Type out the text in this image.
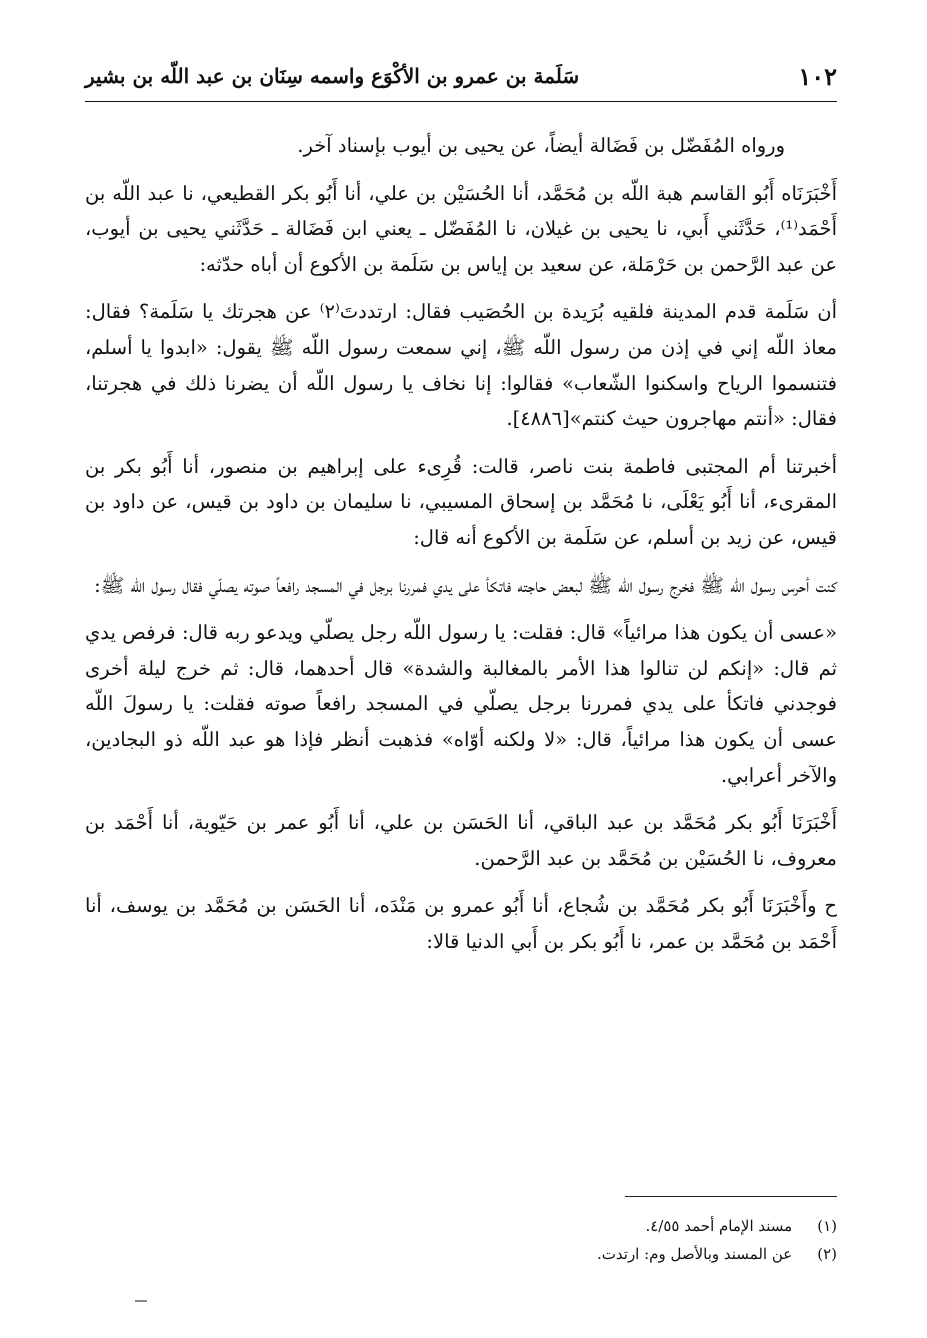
١٠٢
سَلَمة بن عمرو بن الأكْوَع واسمه سِنَان بن عبد اللّه بن بشير

ورواه المُفَضّل بن فَضَالة أيضاً، عن يحيى بن أيوب بإسناد آخر.

أَخْبَرَنَاه أَبُو القاسم هبة اللّه بن مُحَمَّد، أنا الحُسَيْن بن علي، أنا أَبُو بكر القطيعي، نا عبد اللّه بن أَحْمَد⁽¹⁾، حَدَّثَني أَبي، نا يحيى بن غيلان، نا المُفَضّل ـ يعني ابن فَضَالة ـ حَدَّثَني يحيى بن أيوب، عن عبد الرَّحمن بن حَرْمَلة، عن سعيد بن إياس بن سَلَمة بن الأكوع أن أباه حدّثه:

أن سَلَمة قدم المدينة فلقيه بُرَيدة بن الحُصَيب فقال: ارتددتَ⁽٢⁾ عن هجرتك يا سَلَمة؟ فقال: معاذ اللّه إني في إذن من رسول اللّه ﷺ، إني سمعت رسول اللّه ﷺ يقول: «ابدوا يا أسلم، فتنسموا الرياح واسكنوا الشّعاب» فقالوا: إنا نخاف يا رسول اللّه أن يضرنا ذلك في هجرتنا، فقال: «أنتم مهاجرون حيث كنتم»[٤٨٨٦].

أخبرتنا أم المجتبى فاطمة بنت ناصر، قالت: قُرِىء على إبراهيم بن منصور، أنا أَبُو بكر بن المقرىء، أنا أَبُو يَعْلَى، نا مُحَمَّد بن إسحاق المسيبي، نا سليمان بن داود بن قيس، عن داود بن قيس، عن زيد بن أسلم، عن سَلَمة بن الأكوع أنه قال:

كنت أحرس رسول اللّه ﷺ فخرج رسول اللّه ﷺ لبعض حاجته فاتكأ على يدي فمررنا برجل في المسجد رافعاً صوته يصلّي فقال رسول اللّه ﷺ:

«عسى أن يكون هذا مرائياً» قال: فقلت: يا رسول اللّه رجل يصلّي ويدعو ربه قال: فرفص يدي ثم قال: «إنكم لن تنالوا هذا الأمر بالمغالبة والشدة» قال أحدهما، قال: ثم خرج ليلة أخرى فوجدني فاتكأ على يدي فمررنا برجل يصلّي في المسجد رافعاً صوته فقلت: يا رسولَ اللّه عسى أن يكون هذا مرائياً، قال: «لا ولكنه أوّاه» فذهبت أنظر فإذا هو عبد اللّه ذو البجادين، والآخر أعرابي.

أَخْبَرَنَا أَبُو بكر مُحَمَّد بن عبد الباقي، أنا الحَسَن بن علي، أنا أَبُو عمر بن حَيّوية، أنا أَحْمَد بن معروف، نا الحُسَيْن بن مُحَمَّد بن عبد الرَّحمن.

ح وأَخْبَرَنَا أَبُو بكر مُحَمَّد بن شُجاع، أنا أَبُو عمرو بن مَنْدَه، أنا الحَسَن بن مُحَمَّد بن يوسف، أنا أَحْمَد بن مُحَمَّد بن عمر، نا أَبُو بكر بن أَبي الدنيا قالا:

(١) مسند الإمام أحمد ٤/٥٥.

(٢) عن المسند وبالأصل وم: ارتدت.
